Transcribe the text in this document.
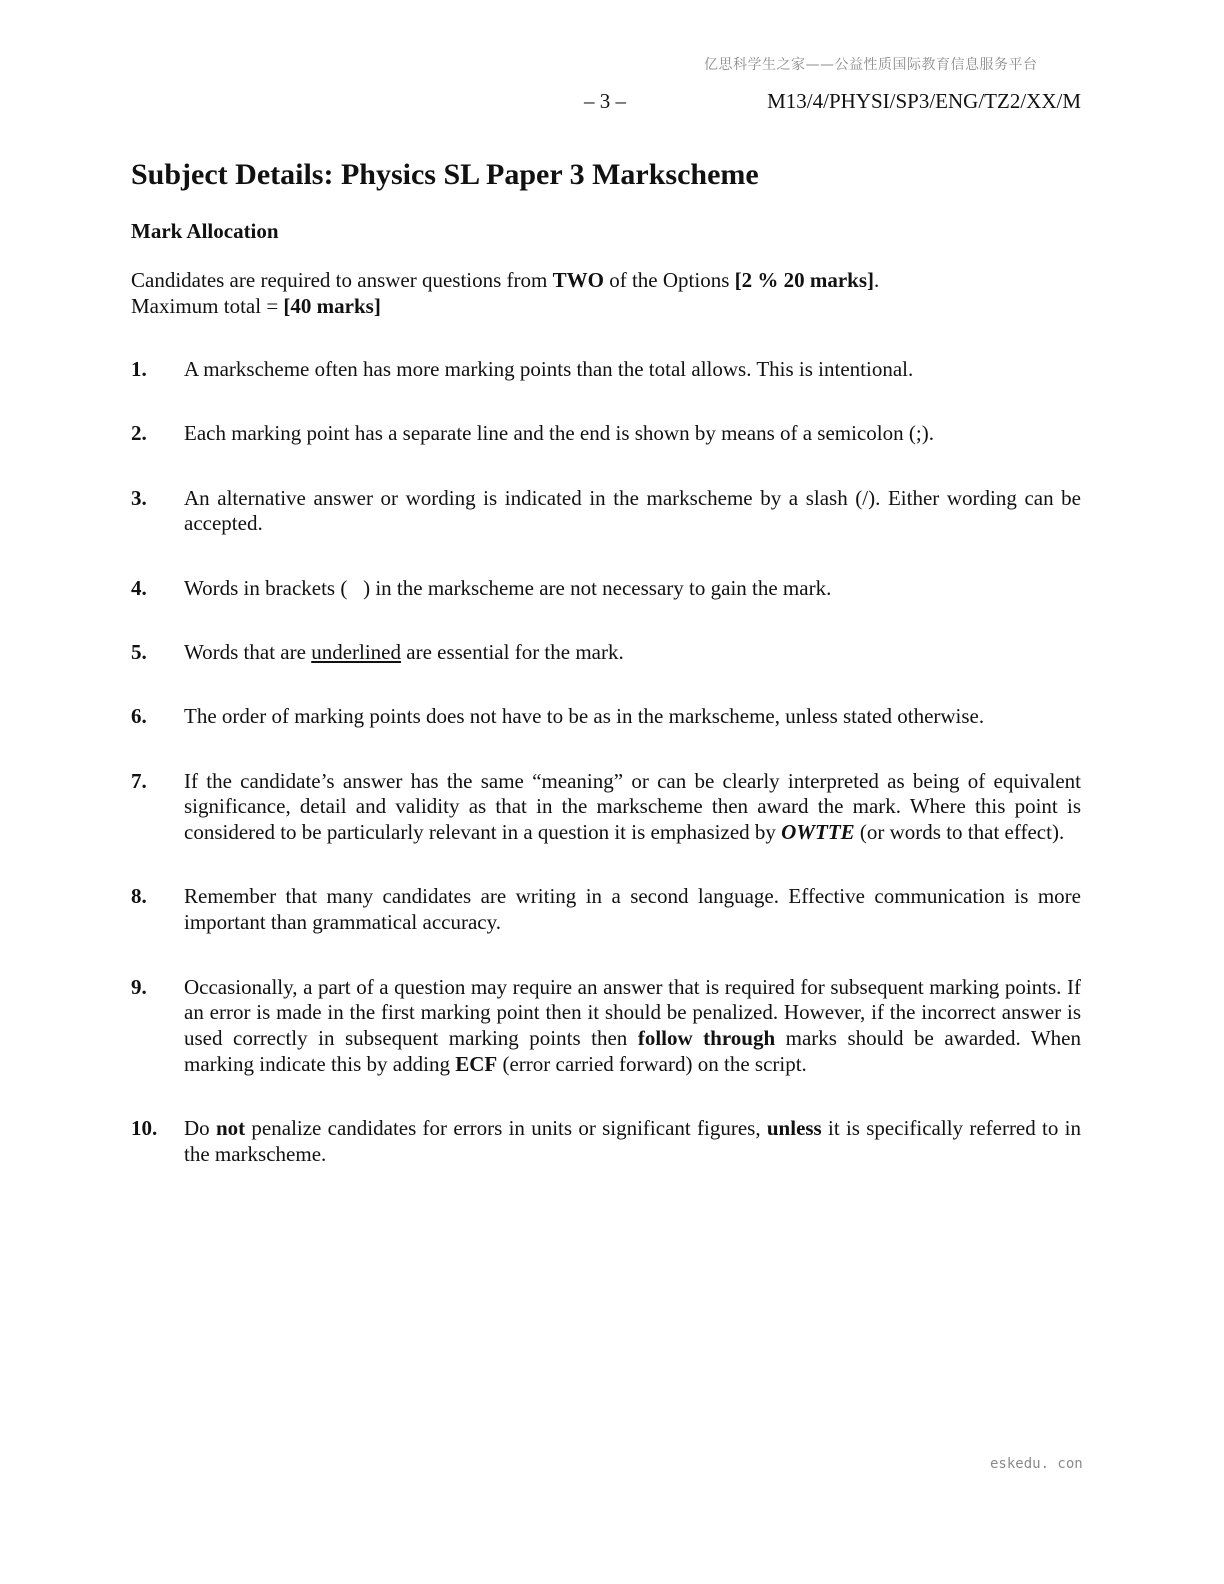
亿思科学生之家——公益性质国际教育信息服务平台
– 3 –	M13/4/PHYSI/SP3/ENG/TZ2/XX/M
Subject Details: Physics SL Paper 3 Markscheme
Mark Allocation
Candidates are required to answer questions from TWO of the Options [2 % 20 marks].
Maximum total = [40 marks]
1.	A markscheme often has more marking points than the total allows. This is intentional.
2.	Each marking point has a separate line and the end is shown by means of a semicolon (;).
3.	An alternative answer or wording is indicated in the markscheme by a slash (/). Either wording can be accepted.
4.	Words in brackets (   ) in the markscheme are not necessary to gain the mark.
5.	Words that are underlined are essential for the mark.
6.	The order of marking points does not have to be as in the markscheme, unless stated otherwise.
7.	If the candidate’s answer has the same “meaning” or can be clearly interpreted as being of equivalent significance, detail and validity as that in the markscheme then award the mark. Where this point is considered to be particularly relevant in a question it is emphasized by OWTTE (or words to that effect).
8.	Remember that many candidates are writing in a second language. Effective communication is more important than grammatical accuracy.
9.	Occasionally, a part of a question may require an answer that is required for subsequent marking points. If an error is made in the first marking point then it should be penalized. However, if the incorrect answer is used correctly in subsequent marking points then follow through marks should be awarded. When marking indicate this by adding ECF (error carried forward) on the script.
10.	Do not penalize candidates for errors in units or significant figures, unless it is specifically referred to in the markscheme.
eskedu. con
